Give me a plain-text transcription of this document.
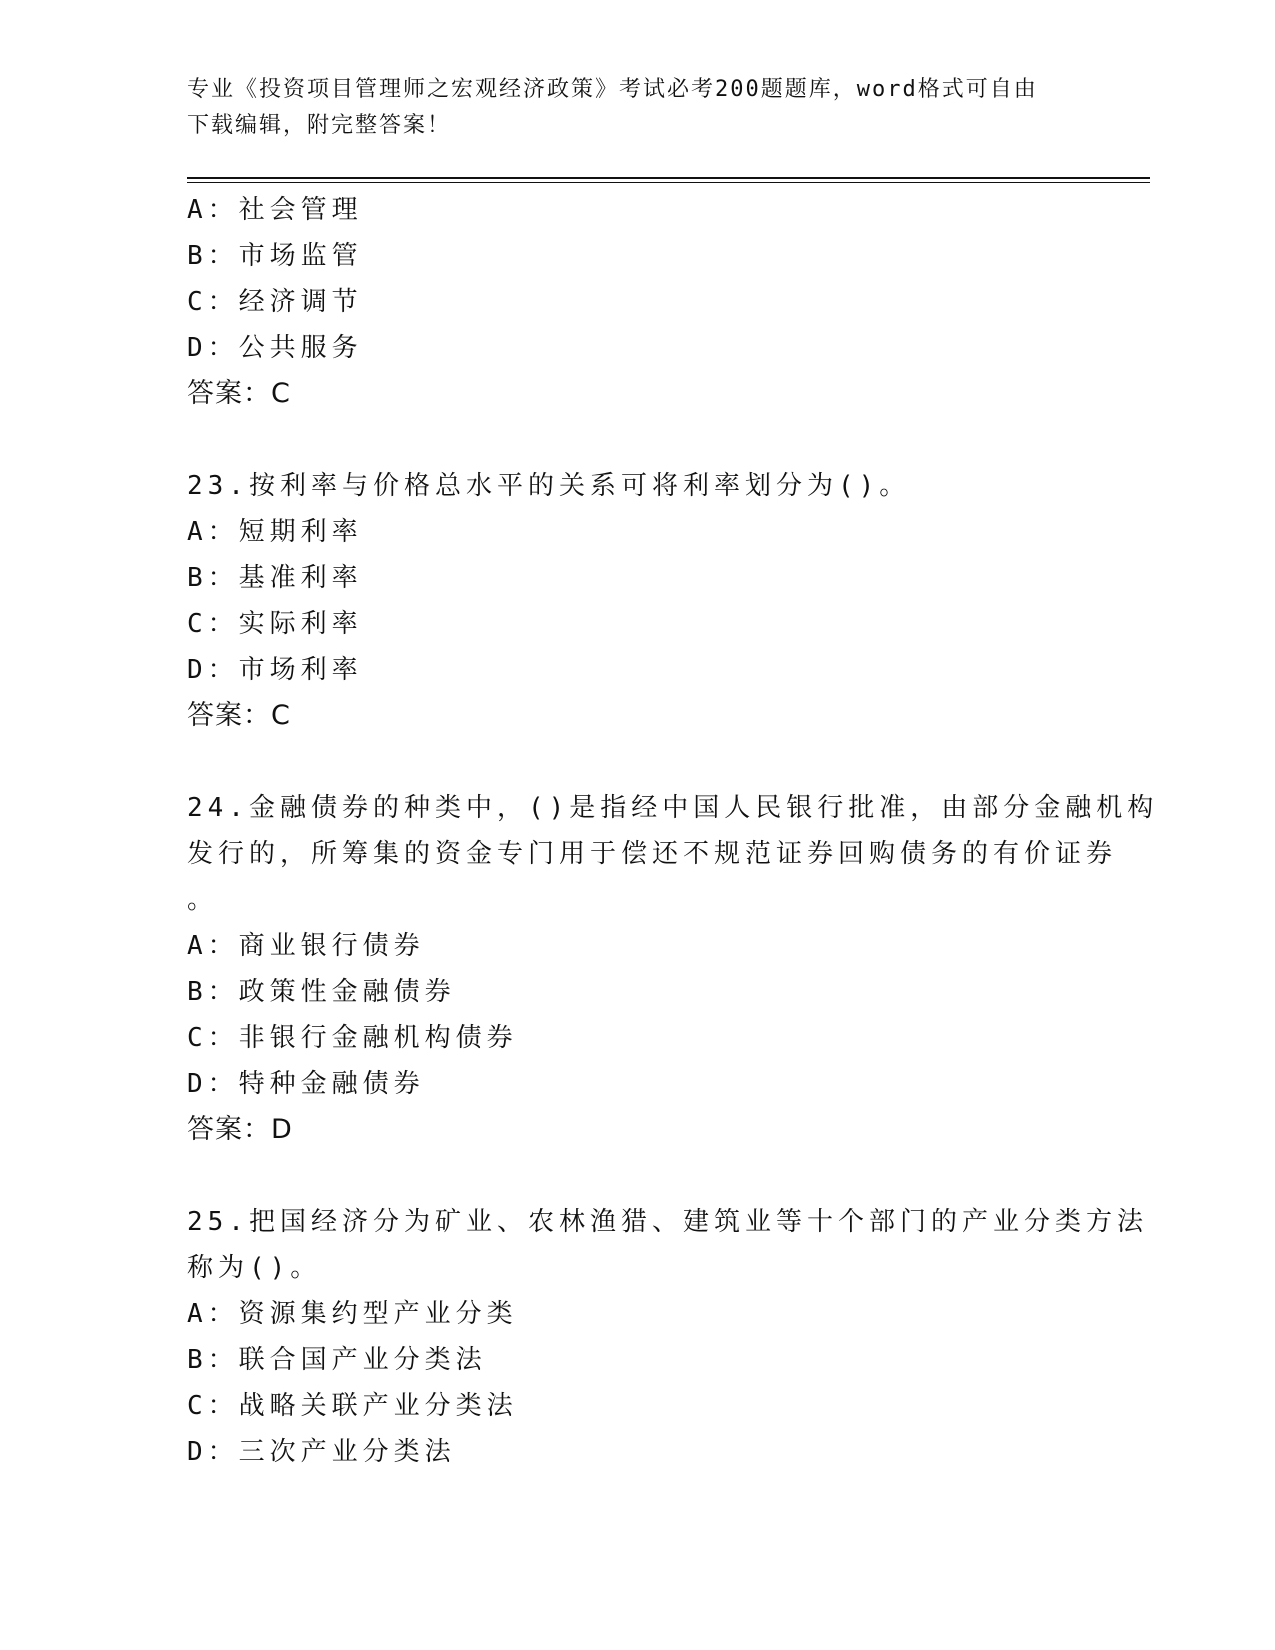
专业《投资项目管理师之宏观经济政策》考试必考200题题库，word格式可自由
下载编辑，附完整答案！
A：社会管理
B：市场监管
C：经济调节
D：公共服务
答案：C
23.按利率与价格总水平的关系可将利率划分为()。
A：短期利率
B：基准利率
C：实际利率
D：市场利率
答案：C
24.金融债券的种类中，()是指经中国人民银行批准，由部分金融机构
发行的，所筹集的资金专门用于偿还不规范证券回购债务的有价证券
。
A：商业银行债券
B：政策性金融债券
C：非银行金融机构债券
D：特种金融债券
答案：D
25.把国经济分为矿业、农林渔猎、建筑业等十个部门的产业分类方法
称为()。
A：资源集约型产业分类
B：联合国产业分类法
C：战略关联产业分类法
D：三次产业分类法
